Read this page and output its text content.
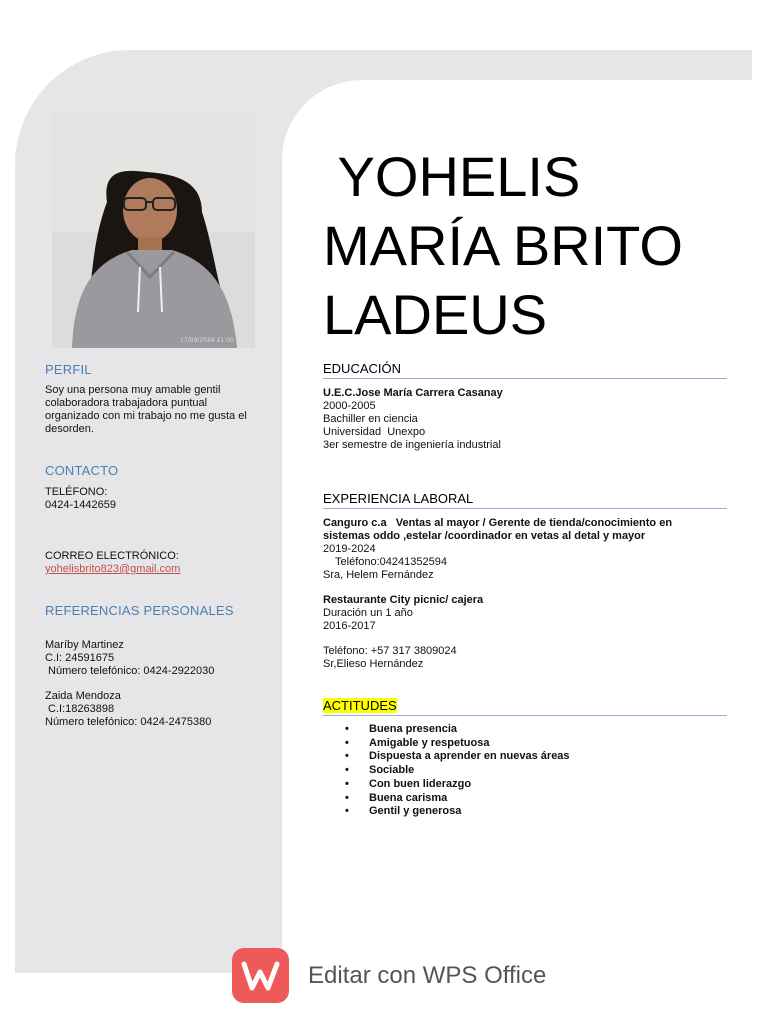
17/09/2024 21:00
YOHELIS
MARÍA BRITO
LADEUS
PERFIL
Soy una persona muy amable gentil
colaboradora trabajadora puntual
organizado con mi trabajo no me gusta el
desorden.
CONTACTO
TELÉFONO:
0424-1442659
CORREO ELECTRÓNICO:
yohelisbrito823@gmail.com
REFERENCIAS PERSONALES
Maríby Martinez
C.I: 24591675
Número telefónico: 0424-2922030
Zaida Mendoza
C.I:18263898
Número telefónico: 0424-2475380
EDUCACIÓN
U.E.C.Jose María Carrera Casanay
2000-2005
Bachiller en ciencia
Universidad  Unexpo
3er semestre de ingeniería industrial
EXPERIENCIA LABORAL
Canguro c.a   Ventas al mayor / Gerente de tienda/conocimiento en
sistemas oddo ,estelar /coordinador en vetas al detal y mayor
2019-2024
Teléfono:04241352594
Sra, Helem Fernández
Restaurante City picnic/ cajera
Duración un 1 año
2016-2017
Teléfono: +57 317 3809024
Sr,Elieso Hernández
ACTITUDES
• Buena presencia
• Amigable y respetuosa
• Dispuesta a aprender en nuevas áreas
• Sociable
• Con buen liderazgo
• Buena carisma
• Gentil y generosa
Editar con WPS Office
